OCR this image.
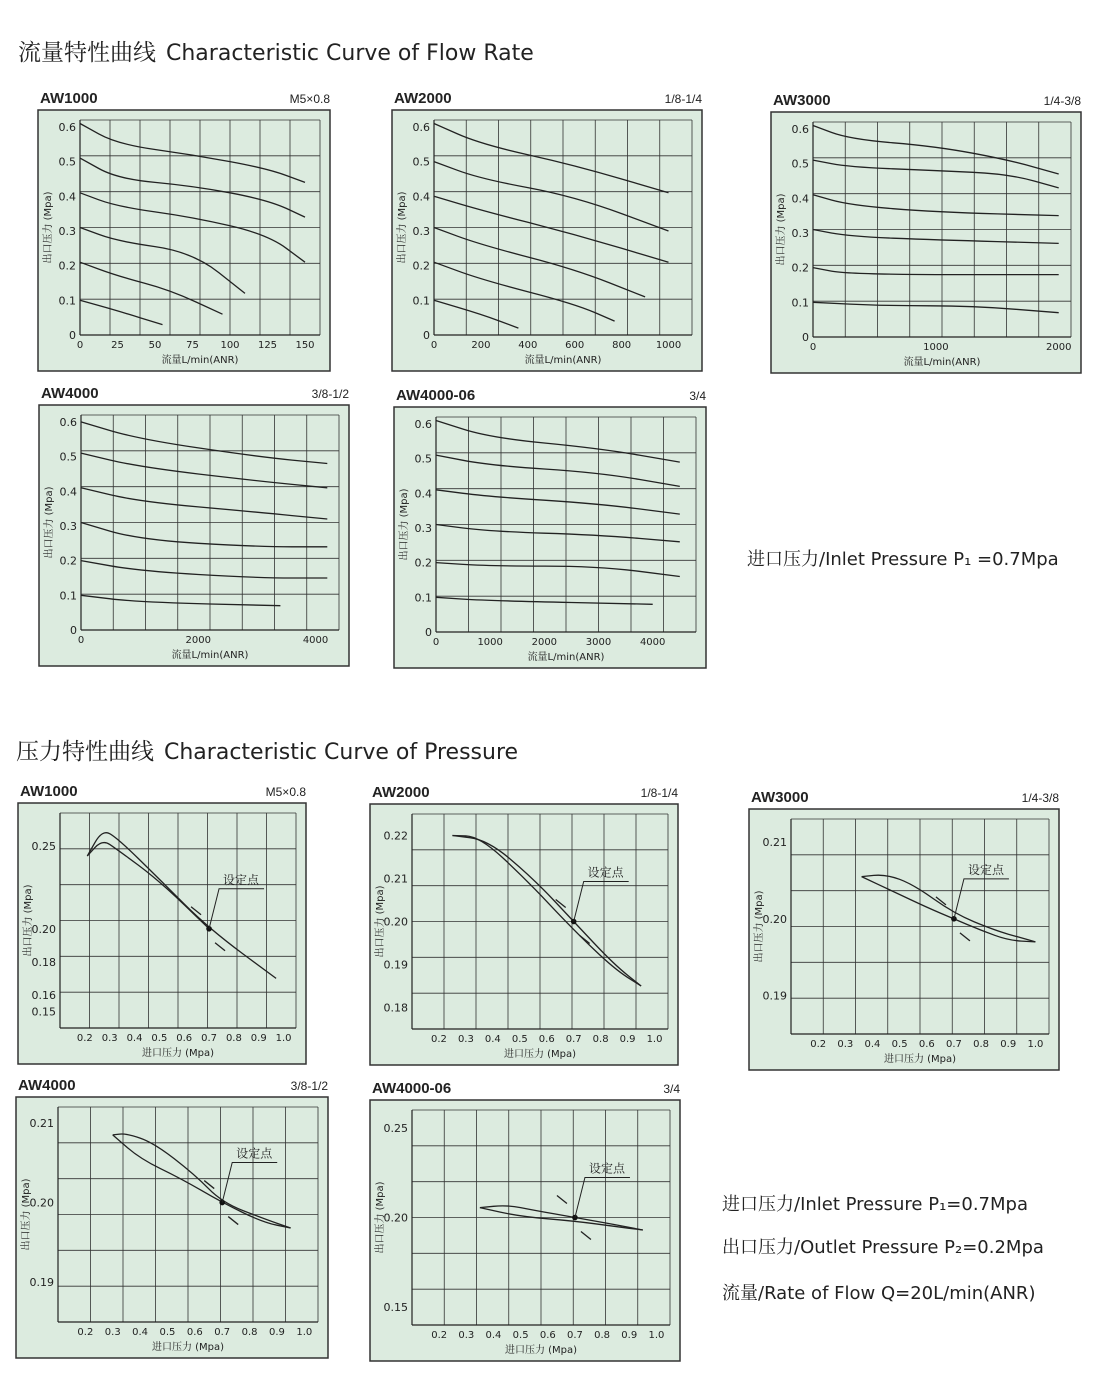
流量特性曲线 Characteristic Curve of Flow Rate
压力特性曲线 Characteristic Curve of Pressure
AW1000	M5×0.8
0
0.1
0.2
0.3
0.4
0.5
0.6
0	25 50 75 100 125 150
出口压力 (Mpa)
流量L/min(ANR)
AW2000	1/8-1/4
0
0.1
0.2
0.3
0.4
0.5
0.6
0	200	400	600	800 1000
出口压力 (Mpa)
流量L/min(ANR)
AW3000	1/4-3/8
0
0.1
0.2
0.3
0.4
0.5
0.6
0	1000	2000
出口压力 (Mpa)
流量L/min(ANR)
AW4000	3/8-1/2
0
0.1
0.2
0.3
0.4
0.5
0.6
0	2000	4000
出口压力 (Mpa)
流量L/min(ANR)
AW4000-06	3/4
0
0.1
0.2
0.3
0.4
0.5
0.6
0	1000	2000	3000	4000
出口压力 (Mpa)
流量L/min(ANR)
进口压力/Inlet Pressure P₁ =0.7Mpa
AW1000	M5×0.8
0.15
0.16
0.18
0.20
0.25
0.2 0.3 0.4 0.5 0.6 0.7 0.8 0.9 1.0
出口压力 (Mpa)
进口压力 (Mpa)
设定点
AW2000	1/8-1/4
0.18
0.19
0.20
0.21
0.22
0.2 0.3 0.4 0.5 0.6 0.7 0.8 0.9 1.0
出口压力 (Mpa)
进口压力 (Mpa)
设定点
AW3000	1/4-3/8
0.19
0.20
0.21
0.2 0.3 0.4 0.5 0.6 0.7 0.8 0.9 1.0
出口压力 (Mpa)
进口压力 (Mpa)
设定点
AW4000	3/8-1/2
0.19
0.20
0.21
0.2 0.3 0.4 0.5 0.6 0.7 0.8 0.9 1.0
出口压力 (Mpa)
进口压力 (Mpa)
设定点
AW4000-06	3/4
0.15
0.20
0.25
0.2 0.3 0.4 0.5 0.6 0.7 0.8 0.9 1.0
出口压力 (Mpa)
进口压力 (Mpa)
设定点
进口压力/Inlet Pressure P₁=0.7Mpa
出口压力/Outlet Pressure P₂=0.2Mpa
流量/Rate of Flow Q=20L/min(ANR)
